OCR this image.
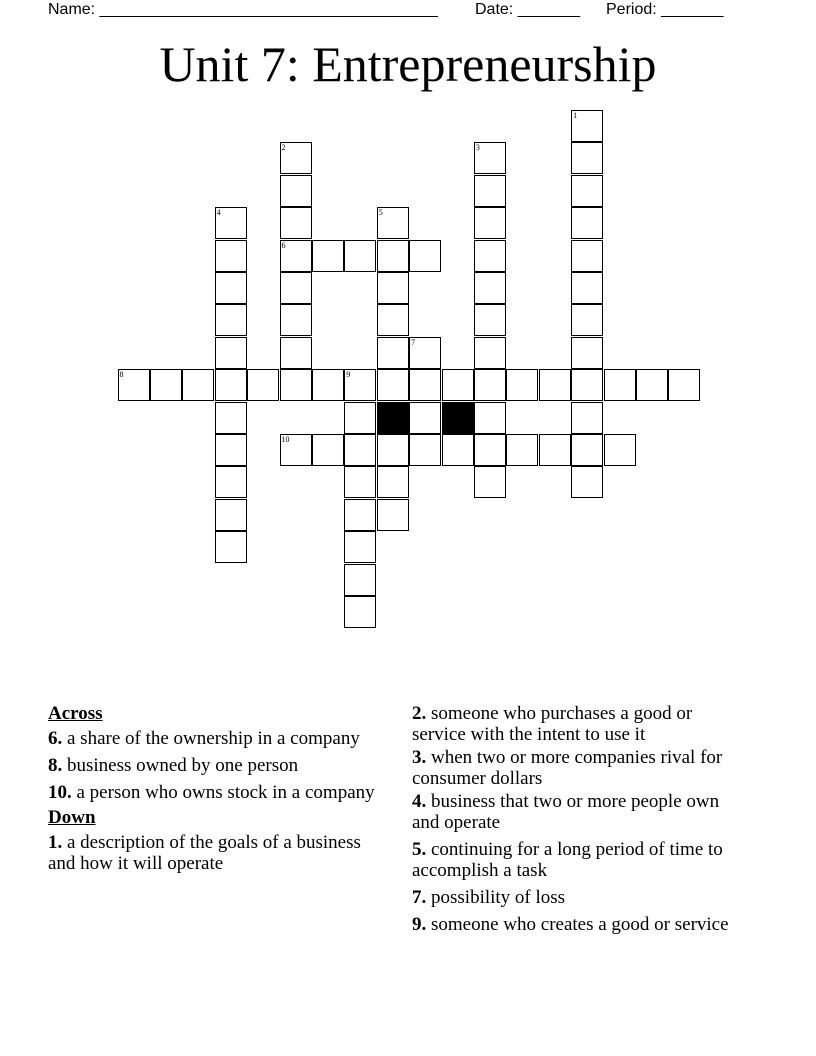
Name: ______________________________________

Date: _______

Period: _______

Unit 7: Entrepreneurship
1
2
6
3
4	5
7
8	9
10
Across
6. a share of the ownership in a company
8. business owned by one person
10. a person who owns stock in a company
Down
1. a description of the goals of a business and how it will operate
2. someone who purchases a good or service with the intent to use it
3. when two or more companies rival for consumer dollars
4. business that two or more people own and operate
5. continuing for a long period of time to accomplish a task
7. possibility of loss
9. someone who creates a good or service
